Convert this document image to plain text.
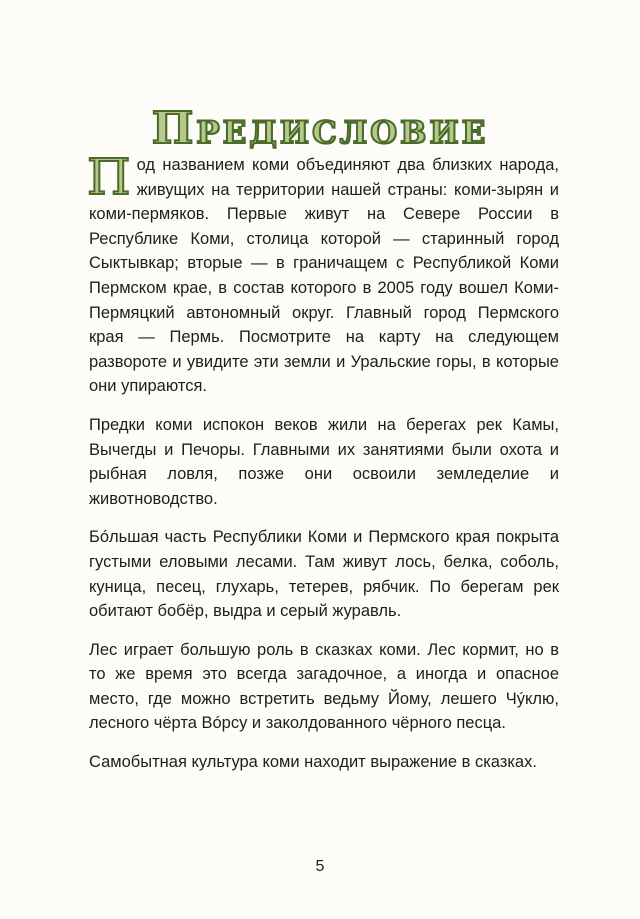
Предисловие

Под названием коми объединяют два близких народа, живущих на территории нашей страны: коми-зырян и коми-пермяков. Первые живут на Севере России в Республике Коми, столица которой — старинный город Сыктывкар; вторые — в граничащем с Республикой Коми Пермском крае, в состав которого в 2005 году вошел Коми-Пермяцкий автономный округ. Главный город Пермского края — Пермь. Посмотрите на карту на следующем развороте и увидите эти земли и Уральские горы, в которые они упираются.

Предки коми испокон веков жили на берегах рек Камы, Вычегды и Печоры. Главными их занятиями были охота и рыбная ловля, позже они освоили земледелие и животноводство.

Бóльшая часть Республики Коми и Пермского края покрыта густыми еловыми лесами. Там живут лось, белка, соболь, куница, песец, глухарь, тетерев, рябчик. По берегам рек обитают бобёр, выдра и серый журавль.

Лес играет большую роль в сказках коми. Лес кормит, но в то же время это всегда загадочное, а иногда и опасное место, где можно встретить ведьму Йому, лешего Чýклю, лесного чёрта Вóрсу и заколдованного чёрного песца.

Самобытная культура коми находит выражение в сказках.

5
